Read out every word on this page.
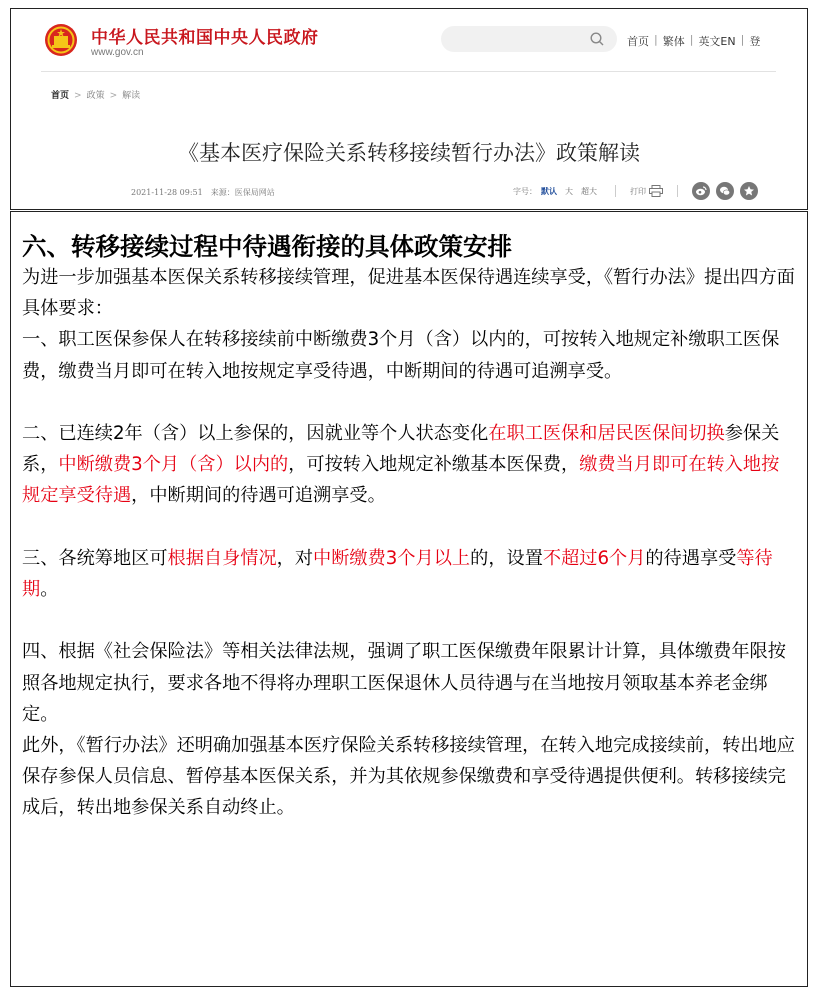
中华人民共和国中央人民政府
www.gov.cn
首页 | 繁体 | 英文EN | 登
首页 > 政策 > 解读
《基本医疗保险关系转移接续暂行办法》政策解读
2021-11-28 09:51 来源：医保局网站	字号： 默认 大 超大	打印

六、转移接续过程中待遇衔接的具体政策安排

为进一步加强基本医保关系转移接续管理，促进基本医保待遇连续享受，《暂行办法》提出四方面具体要求：

一、职工医保参保人在转移接续前中断缴费3个月（含）以内的，可按转入地规定补缴职工医保费，缴费当月即可在转入地按规定享受待遇，中断期间的待遇可追溯享受。

二、已连续2年（含）以上参保的，因就业等个人状态变化在职工医保和居民医保间切换参保关系，中断缴费3个月（含）以内的，可按转入地规定补缴基本医保费，缴费当月即可在转入地按规定享受待遇，中断期间的待遇可追溯享受。

三、各统筹地区可根据自身情况，对中断缴费3个月以上的，设置不超过6个月的待遇享受等待期。

四、根据《社会保险法》等相关法律法规，强调了职工医保缴费年限累计计算，具体缴费年限按照各地规定执行，要求各地不得将办理职工医保退休人员待遇与在当地按月领取基本养老金绑定。

此外，《暂行办法》还明确加强基本医疗保险关系转移接续管理，在转入地完成接续前，转出地应保存参保人员信息、暂停基本医保关系，并为其依规参保缴费和享受待遇提供便利。转移接续完成后，转出地参保关系自动终止。
